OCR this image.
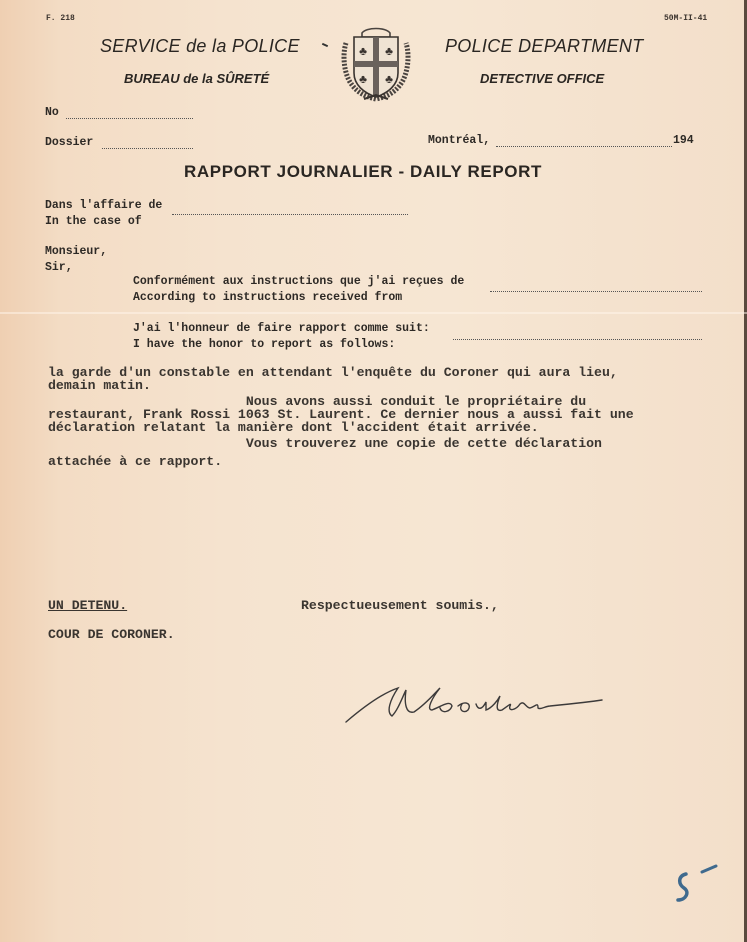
F. 218	50M-II-41
SERVICE de la POLICE
BUREAU de la SÛRETÉ
POLICE DEPARTMENT
DETECTIVE OFFICE
♣ ♣
♣ ♣
No
Dossier	Montréal,	194
RAPPORT JOURNALIER - DAILY REPORT
Dans l'affaire de
In the case of
Monsieur,
Sir,
Conformément aux instructions que j'ai reçues de
According to instructions received from
J'ai l'honneur de faire rapport comme suit:
I have the honor to report as follows:
la garde d'un constable en attendant l'enquête du Coroner qui aura lieu,
demain matin.
Nous avons aussi conduit le propriétaire du
restaurant, Frank Rossi 1063 St. Laurent. Ce dernier nous a aussi fait une
déclaration relatant la manière dont l'accident était arrivée.
Vous trouverez une copie de cette déclaration
attachée à ce rapport.
UN DETENU.
COUR DE CORONER.
Respectueusement soumis.,
